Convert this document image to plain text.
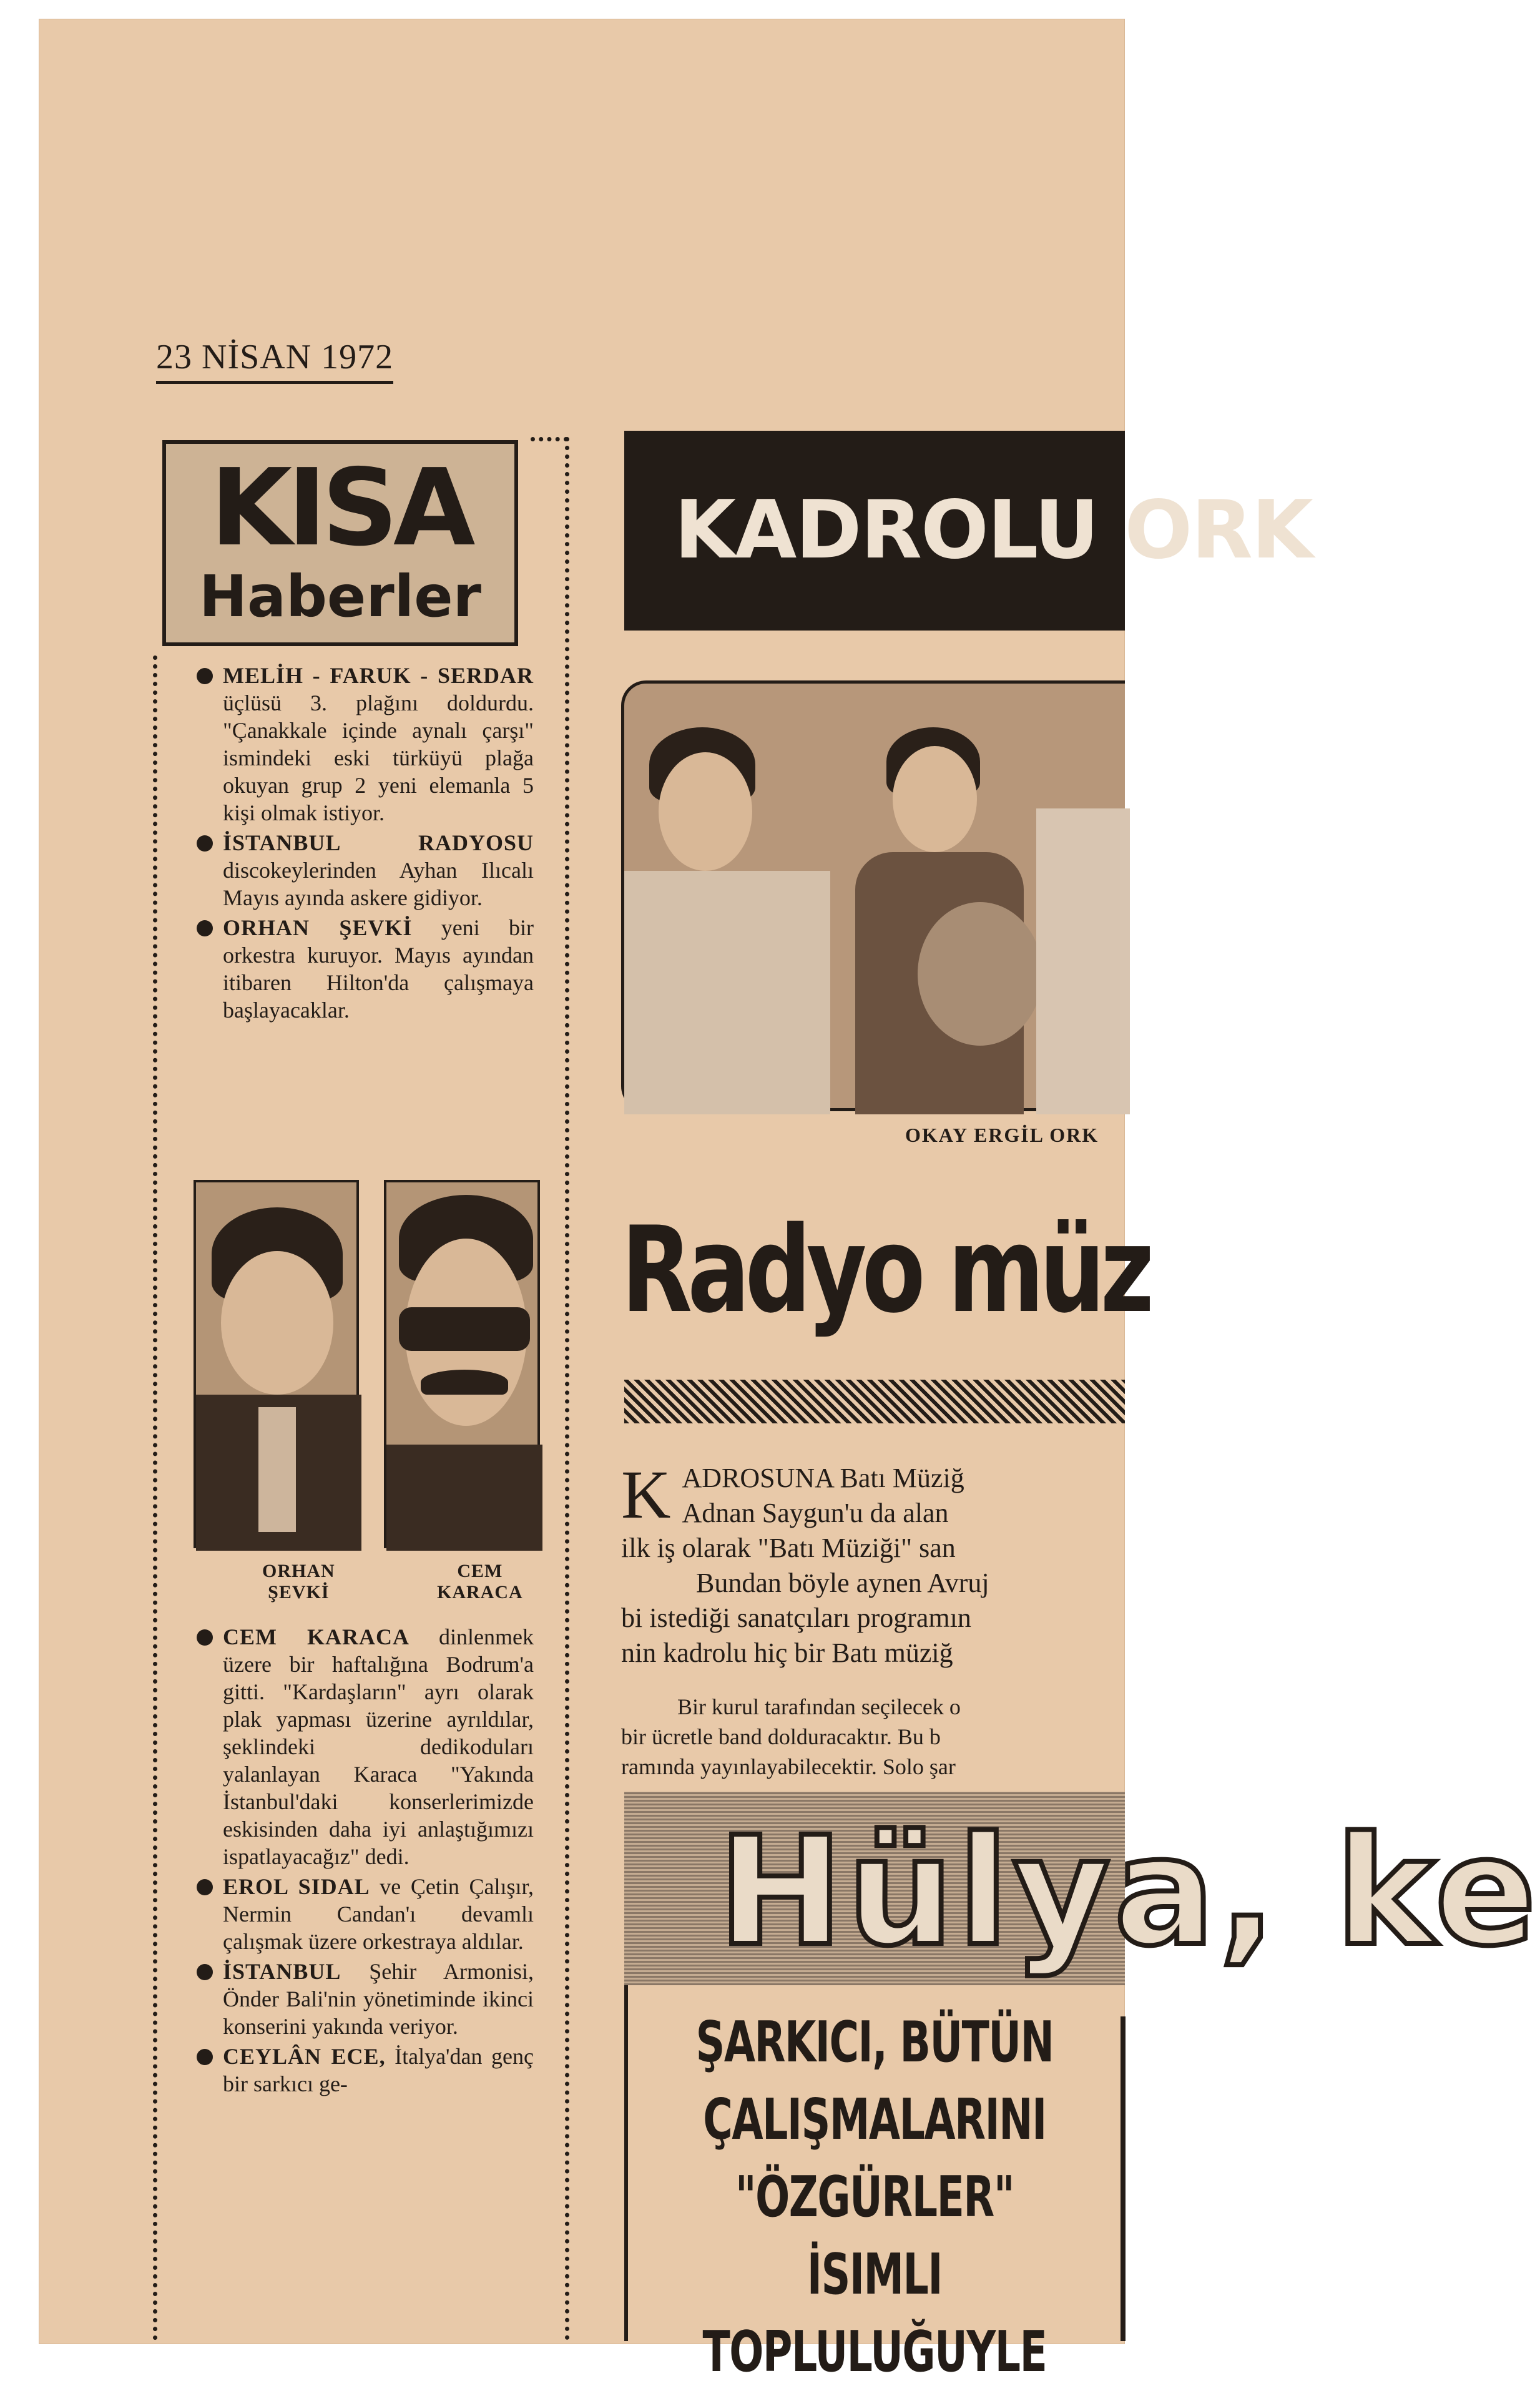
23 NİSAN 1972
KISA
Haberler
MELİH - FARUK - SERDAR üçlüsü 3. plağını doldurdu. "Çanakkale içinde aynalı çarşı" ismindeki eski türküyü plağa okuyan grup 2 yeni elemanla 5 kişi olmak istiyor.
İSTANBUL RADYOSU discokeylerinden Ayhan Ilıcalı Mayıs ayında askere gidiyor.
ORHAN ŞEVKİ yeni bir orkestra kuruyor. Mayıs ayından itibaren Hilton'da çalışmaya başlayacaklar.
ORHAN
ŞEVKİ
CEM
KARACA
CEM KARACA dinlenmek üzere bir haftalığına Bodrum'a gitti. "Kardaşların" ayrı olarak plak yapması üzerine ayrıldılar, şeklindeki dedikoduları yalanlayan Karaca "Yakında İstanbul'daki konserlerimizde eskisinden daha iyi anlaştığımızı ispatlayacağız" dedi.
EROL SIDAL ve Çetin Çalışır, Nermin Candan'ı devamlı çalışmak üzere orkestraya aldılar.
İSTANBUL Şehir Armonisi, Önder Bali'nin yönetiminde ikinci konserini yakında veriyor.
CEYLÂN ECE, İtalya'dan genç bir sarkıcı ge-
KADROLU ORK
OKAY ERGİL ORK
Radyo müz
K ADROSUNA Batı Müziğ
Adnan Saygun'u da alan
ilk iş olarak "Batı Müziği" san
Bundan böyle aynen Avruj
bi istediği sanatçıları programın
nin kadrolu hiç bir Batı müziğ
Bir kurul tarafından seçilecek o
bir ücretle band dolduracaktır. Bu b
ramında yayınlayabilecektir. Solo şar
Hülya, ke
ŞARKICI, BÜTÜN
ÇALIŞMALARINI
"ÖZGÜRLER" İSIMLI
TOPLULUĞUYLE
